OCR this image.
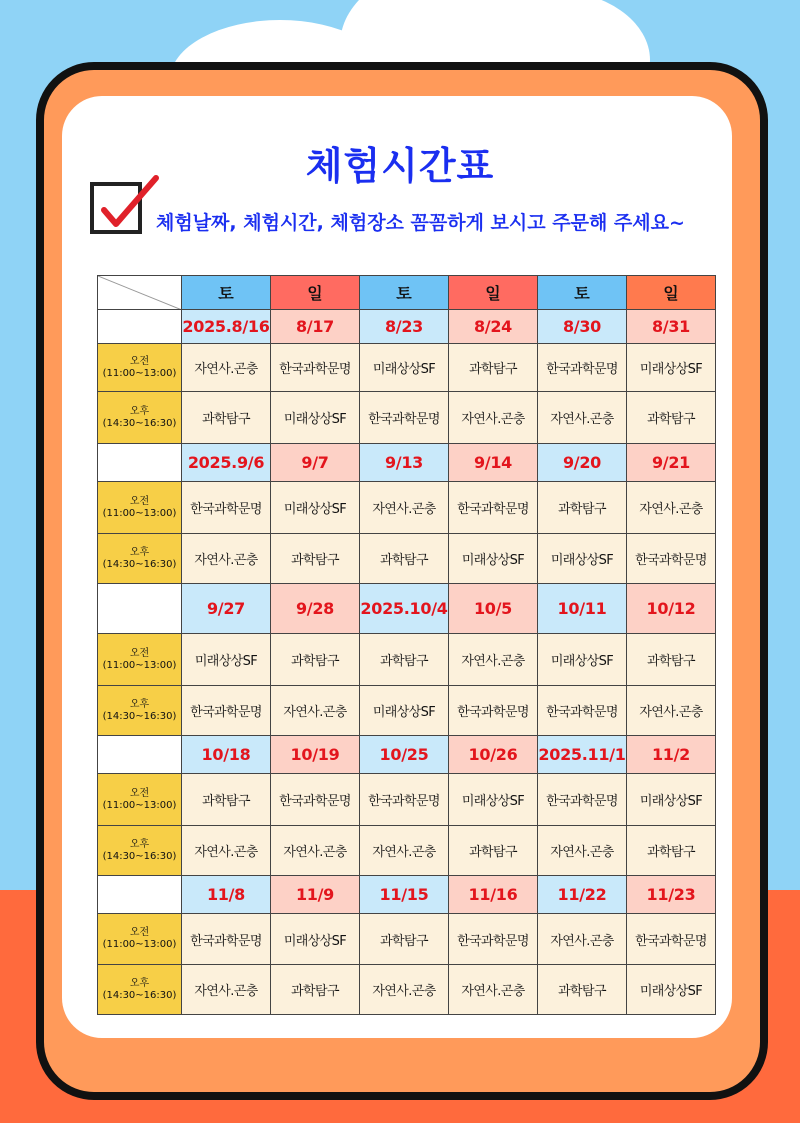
체험시간표
체험날짜, 체험시간, 체험장소 꼼꼼하게 보시고 주문해 주세요~
	토	일	토	일	토	일
	2025.8/16	8/17	8/23	8/24	8/30	8/31

오전
(11:00~13:00)	자연사.곤충	한국과학문명	미래상상SF	과학탐구	한국과학문명	미래상상SF

오후
(14:30~16:30)	과학탐구	미래상상SF	한국과학문명	자연사.곤충	자연사.곤충	과학탐구
	2025.9/6	9/7	9/13	9/14	9/20	9/21

오전
(11:00~13:00)	한국과학문명	미래상상SF	자연사.곤충	한국과학문명	과학탐구	자연사.곤충

오후
(14:30~16:30)	자연사.곤충	과학탐구	과학탐구	미래상상SF	미래상상SF	한국과학문명
	9/27	9/28	2025.10/4	10/5	10/11	10/12

오전
(11:00~13:00)	미래상상SF	과학탐구	과학탐구	자연사.곤충	미래상상SF	과학탐구

오후
(14:30~16:30)	한국과학문명	자연사.곤충	미래상상SF	한국과학문명	한국과학문명	자연사.곤충
	10/18	10/19	10/25	10/26	2025.11/1	11/2

오전
(11:00~13:00)	과학탐구	한국과학문명	한국과학문명	미래상상SF	한국과학문명	미래상상SF

오후
(14:30~16:30)	자연사.곤충	자연사.곤충	자연사.곤충	과학탐구	자연사.곤충	과학탐구
	11/8	11/9	11/15	11/16	11/22	11/23

오전
(11:00~13:00)	한국과학문명	미래상상SF	과학탐구	한국과학문명	자연사.곤충	한국과학문명

오후
(14:30~16:30)	자연사.곤충	과학탐구	자연사.곤충	자연사.곤충	과학탐구	미래상상SF
